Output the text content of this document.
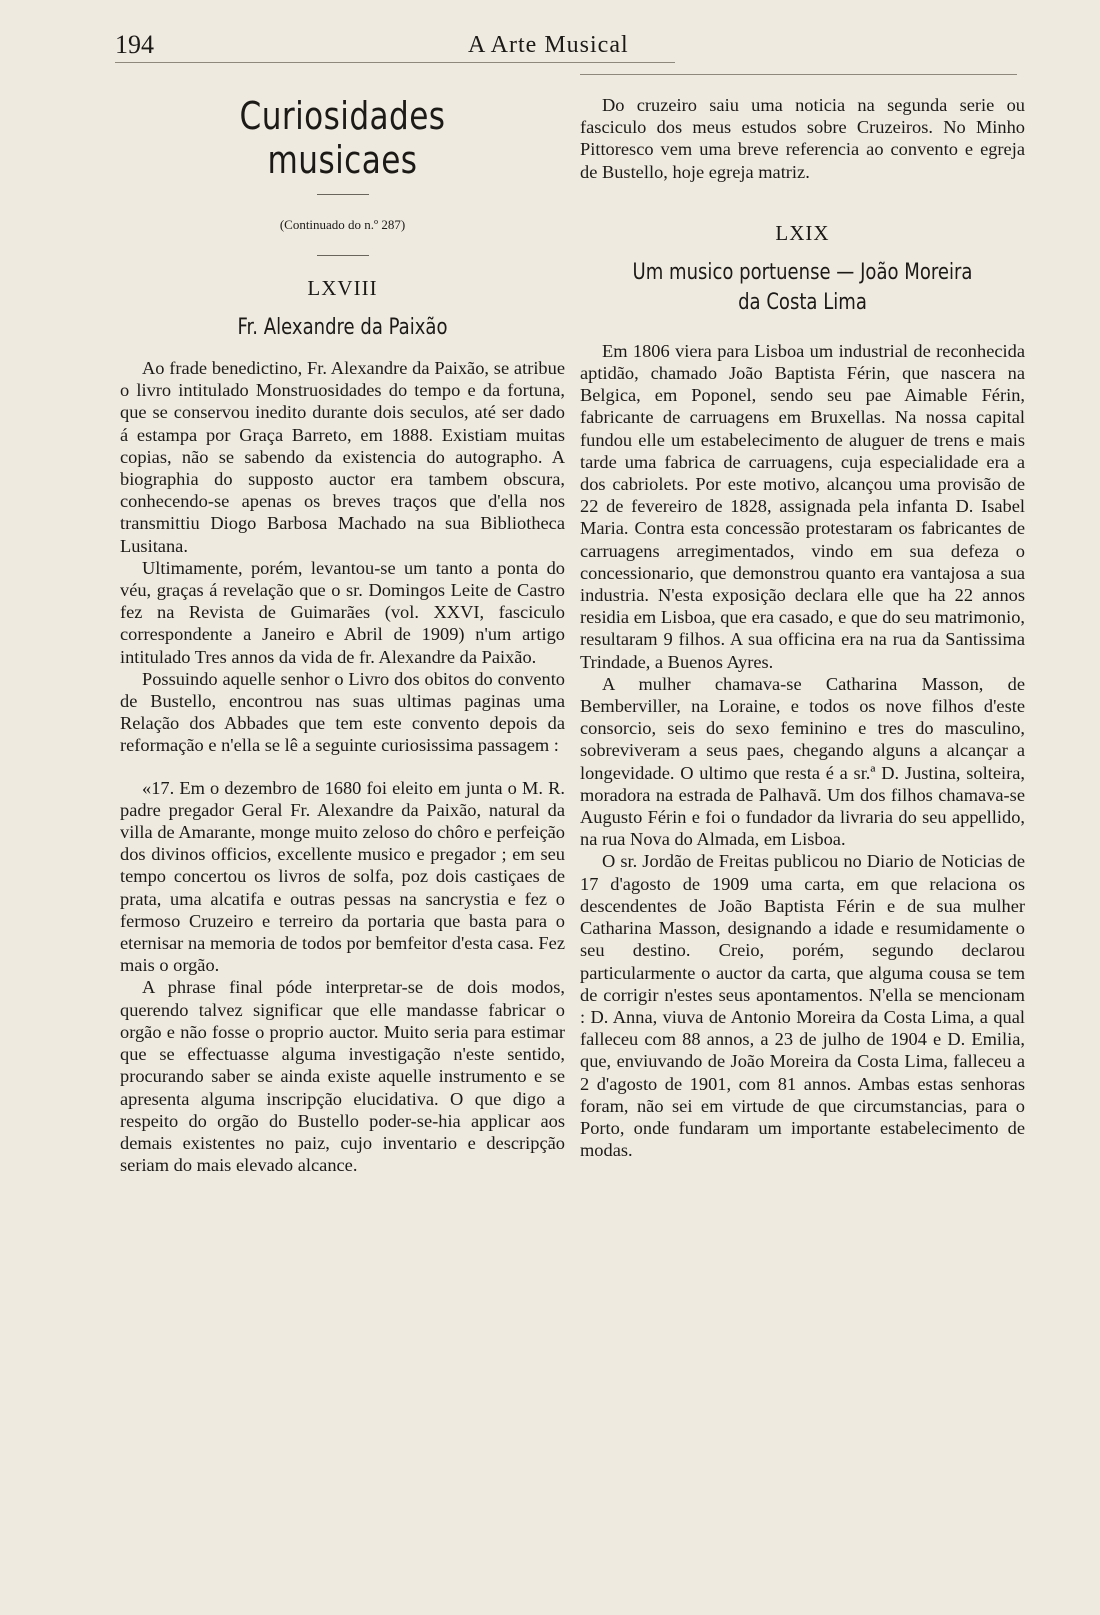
194	A Arte Musical
Curiosidades musicaes
(Continuado do n.º 287)
LXVIII
Fr. Alexandre da Paixão

Ao frade benedictino, Fr. Alexandre da Paixão, se atribue o livro intitulado Monstruosidades do tempo e da fortuna, que se conservou inedito durante dois seculos, até ser dado á estampa por Graça Barreto, em 1888. Existiam muitas copias, não se sabendo da existencia do autographo. A biographia do supposto auctor era tambem obscura, conhecendo-se apenas os breves traços que d'ella nos transmittiu Diogo Barbosa Machado na sua Bibliotheca Lusitana.

Ultimamente, porém, levantou-se um tanto a ponta do véu, graças á revelação que o sr. Domingos Leite de Castro fez na Revista de Guimarães (vol. XXVI, fasciculo correspondente a Janeiro e Abril de 1909) n'um artigo intitulado Tres annos da vida de fr. Alexandre da Paixão.

Possuindo aquelle senhor o Livro dos obitos do convento de Bustello, encontrou nas suas ultimas paginas uma Relação dos Abbades que tem este convento depois da reformação e n'ella se lê a seguinte curiosissima passagem :

«17. Em o dezembro de 1680 foi eleito em junta o M. R. padre pregador Geral Fr. Alexandre da Paixão, natural da villa de Amarante, monge muito zeloso do chôro e perfeição dos divinos officios, excellente musico e pregador ; em seu tempo concertou os livros de solfa, poz dois castiçaes de prata, uma alcatifa e outras pessas na sancrystia e fez o fermoso Cruzeiro e terreiro da portaria que basta para o eternisar na memoria de todos por bemfeitor d'esta casa. Fez mais o orgão.

A phrase final póde interpretar-se de dois modos, querendo talvez significar que elle mandasse fabricar o orgão e não fosse o proprio auctor. Muito seria para estimar que se effectuasse alguma investigação n'este sentido, procurando saber se ainda existe aquelle instrumento e se apresenta alguma inscripção elucidativa. O que digo a respeito do orgão do Bustello poder-se-hia applicar aos demais existentes no paiz, cujo inventario e descripção seriam do mais elevado alcance.

Do cruzeiro saiu uma noticia na segunda serie ou fasciculo dos meus estudos sobre Cruzeiros. No Minho Pittoresco vem uma breve referencia ao convento e egreja de Bustello, hoje egreja matriz.

LXIX
Um musico portuense — João Moreira
da Costa Lima

Em 1806 viera para Lisboa um industrial de reconhecida aptidão, chamado João Baptista Férin, que nascera na Belgica, em Poponel, sendo seu pae Aimable Férin, fabricante de carruagens em Bruxellas. Na nossa capital fundou elle um estabelecimento de aluguer de trens e mais tarde uma fabrica de carruagens, cuja especialidade era a dos cabriolets. Por este motivo, alcançou uma provisão de 22 de fevereiro de 1828, assignada pela infanta D. Isabel Maria. Contra esta concessão protestaram os fabricantes de carruagens arregimentados, vindo em sua defeza o concessionario, que demonstrou quanto era vantajosa a sua industria. N'esta exposição declara elle que ha 22 annos residia em Lisboa, que era casado, e que do seu matrimonio, resultaram 9 filhos. A sua officina era na rua da Santissima Trindade, a Buenos Ayres.

A mulher chamava-se Catharina Masson, de Bemberviller, na Loraine, e todos os nove filhos d'este consorcio, seis do sexo feminino e tres do masculino, sobreviveram a seus paes, chegando alguns a alcançar a longevidade. O ultimo que resta é a sr.ª D. Justina, solteira, moradora na estrada de Palhavã. Um dos filhos chamava-se Augusto Férin e foi o fundador da livraria do seu appellido, na rua Nova do Almada, em Lisboa.

O sr. Jordão de Freitas publicou no Diario de Noticias de 17 d'agosto de 1909 uma carta, em que relaciona os descendentes de João Baptista Férin e de sua mulher Catharina Masson, designando a idade e resumidamente o seu destino. Creio, porém, segundo declarou particularmente o auctor da carta, que alguma cousa se tem de corrigir n'estes seus apontamentos. N'ella se mencionam : D. Anna, viuva de Antonio Moreira da Costa Lima, a qual falleceu com 88 annos, a 23 de julho de 1904 e D. Emilia, que, enviuvando de João Moreira da Costa Lima, falleceu a 2 d'agosto de 1901, com 81 annos. Ambas estas senhoras foram, não sei em virtude de que circumstancias, para o Porto, onde fundaram um importante estabelecimento de modas.
